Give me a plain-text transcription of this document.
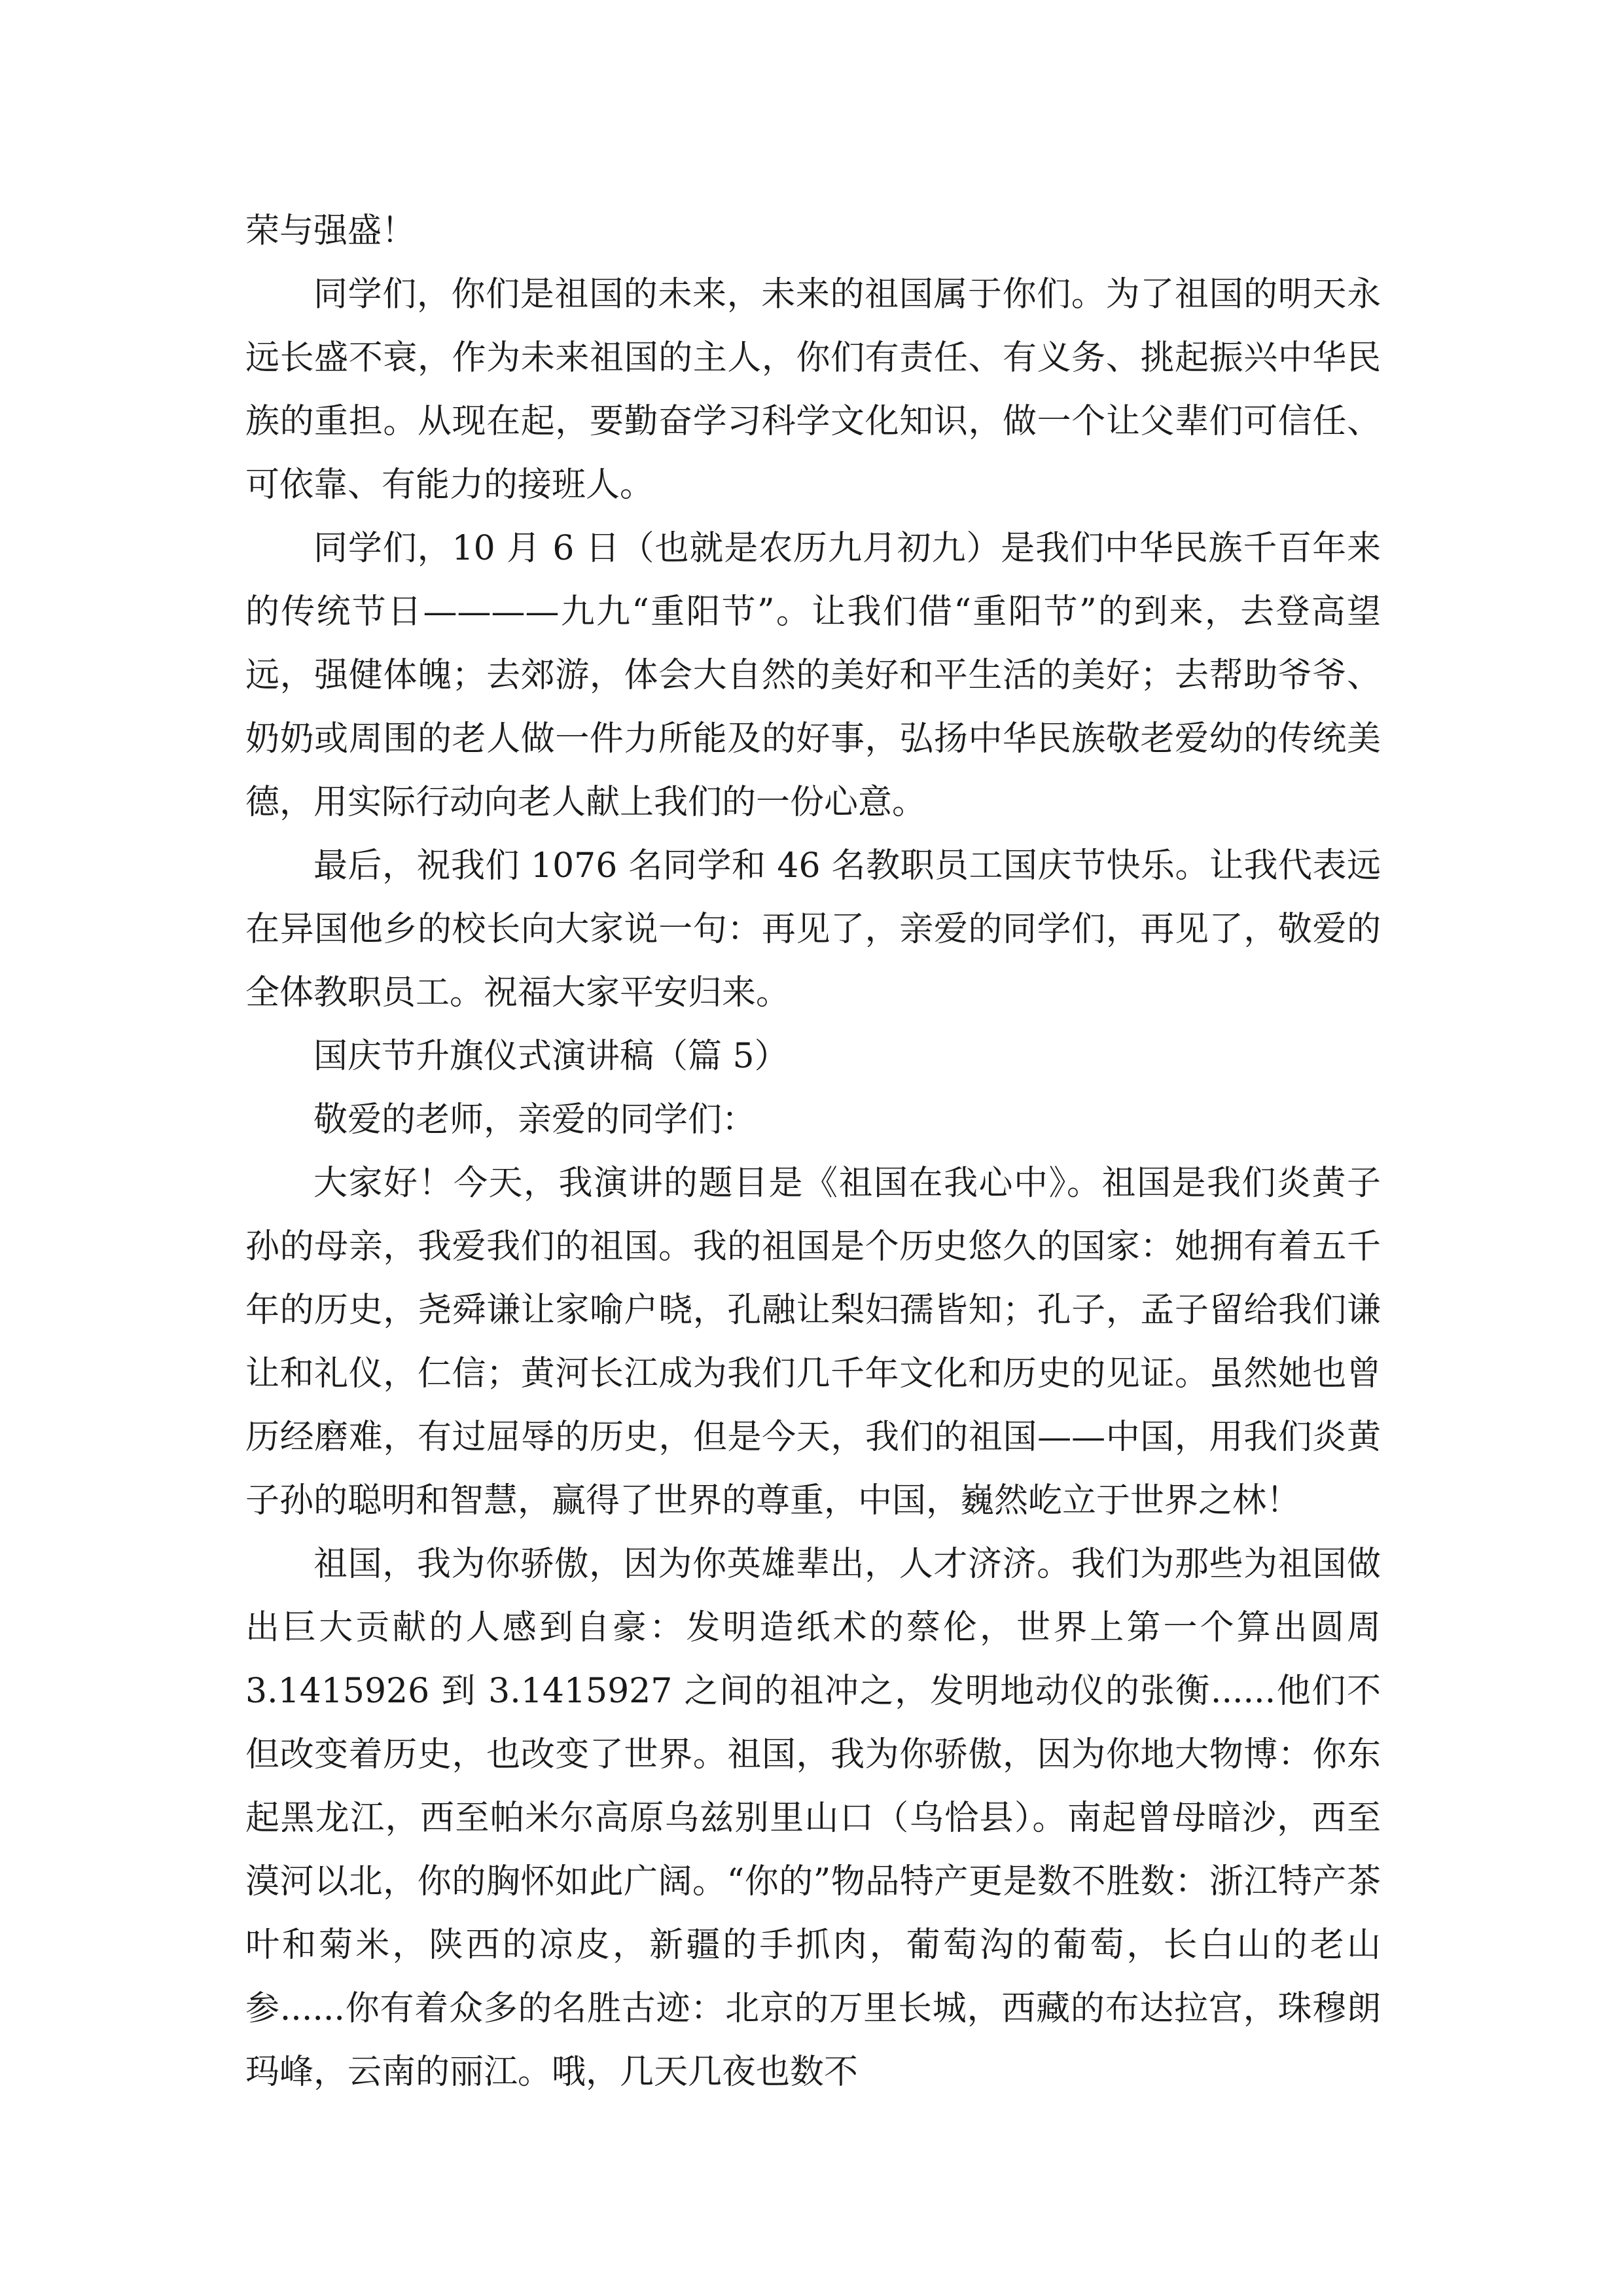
荣与强盛！

同学们，你们是祖国的未来，未来的祖国属于你们。为了祖国的明天永远长盛不衰，作为未来祖国的主人，你们有责任、有义务、挑起振兴中华民族的重担。从现在起，要勤奋学习科学文化知识，做一个让父辈们可信任、可依靠、有能力的接班人。

同学们，10 月 6 日（也就是农历九月初九）是我们中华民族千百年来的传统节日————九九“重阳节”。让我们借“重阳节”的到来，去登高望远，强健体魄；去郊游，体会大自然的美好和平生活的美好；去帮助爷爷、奶奶或周围的老人做一件力所能及的好事，弘扬中华民族敬老爱幼的传统美德，用实际行动向老人献上我们的一份心意。

最后，祝我们 1076 名同学和 46 名教职员工国庆节快乐。让我代表远在异国他乡的校长向大家说一句：再见了，亲爱的同学们，再见了，敬爱的全体教职员工。祝福大家平安归来。

国庆节升旗仪式演讲稿（篇 5）

敬爱的老师，亲爱的同学们：

大家好！今天，我演讲的题目是《祖国在我心中》。祖国是我们炎黄子孙的母亲，我爱我们的祖国。我的祖国是个历史悠久的国家：她拥有着五千年的历史，尧舜谦让家喻户晓，孔融让梨妇孺皆知；孔子，孟子留给我们谦让和礼仪，仁信；黄河长江成为我们几千年文化和历史的见证。虽然她也曾历经磨难，有过屈辱的历史，但是今天，我们的祖国——中国，用我们炎黄子孙的聪明和智慧，赢得了世界的尊重，中国，巍然屹立于世界之林！

祖国，我为你骄傲，因为你英雄辈出，人才济济。我们为那些为祖国做出巨大贡献的人感到自豪：发明造纸术的蔡伦，世界上第一个算出圆周 3.1415926 到 3.1415927 之间的祖冲之，发明地动仪的张衡......他们不但改变着历史，也改变了世界。祖国，我为你骄傲，因为你地大物博：你东起黑龙江，西至帕米尔高原乌兹别里山口（乌恰县）。南起曾母暗沙，西至漠河以北，你的胸怀如此广阔。“你的”物品特产更是数不胜数：浙江特产茶叶和菊米，陕西的凉皮，新疆的手抓肉，葡萄沟的葡萄，长白山的老山参......你有着众多的名胜古迹：北京的万里长城，西藏的布达拉宫，珠穆朗玛峰，云南的丽江。哦，几天几夜也数不
